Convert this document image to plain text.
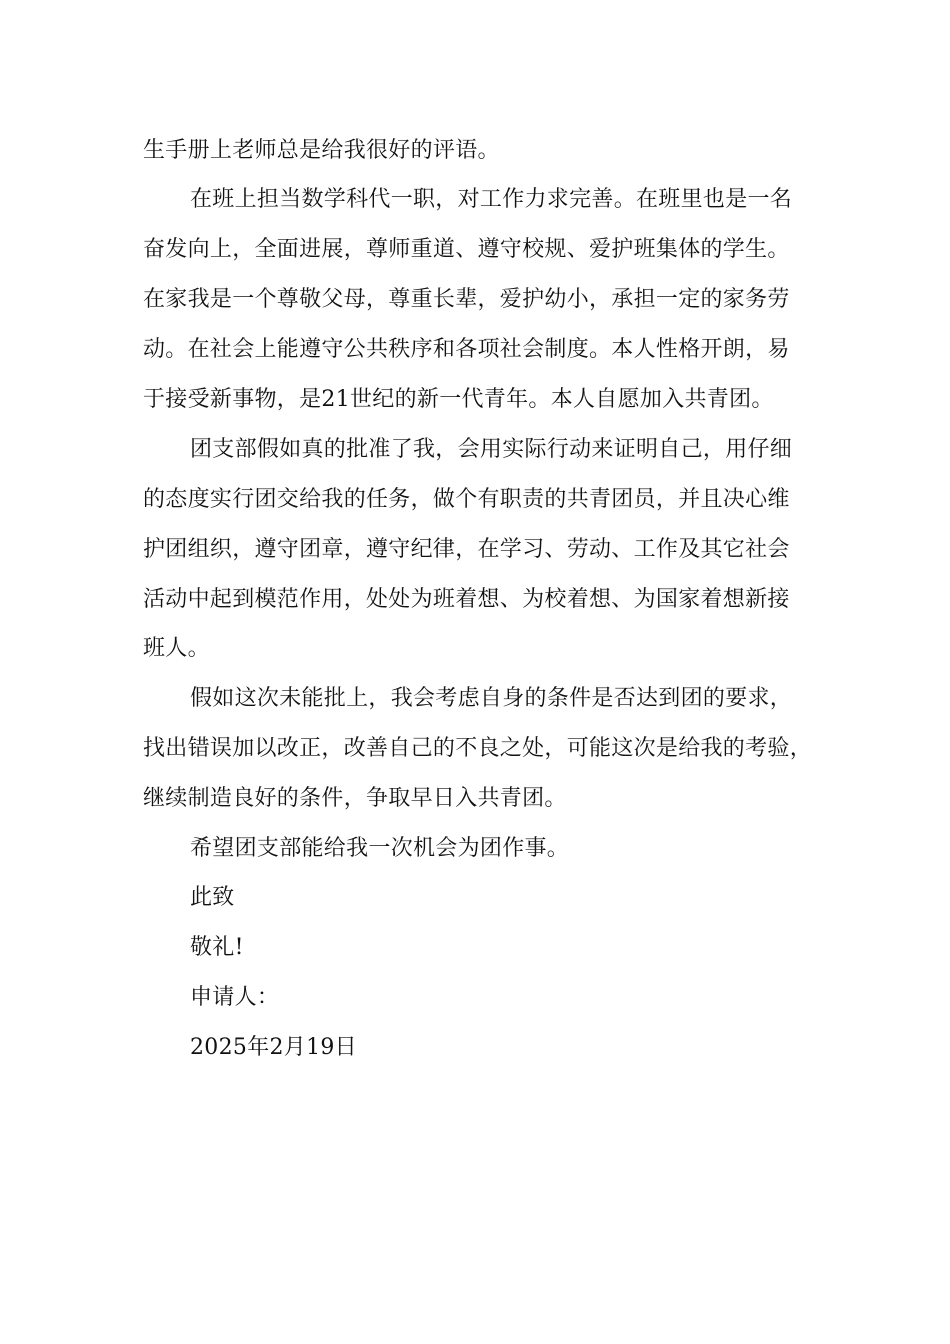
生手册上老师总是给我很好的评语。
在班上担当数学科代一职，对工作力求完善。在班里也是一名
奋发向上，全面进展，尊师重道、遵守校规、爱护班集体的学生。
在家我是一个尊敬父母，尊重长辈，爱护幼小，承担一定的家务劳
动。在社会上能遵守公共秩序和各项社会制度。本人性格开朗，易
于接受新事物，是21世纪的新一代青年。本人自愿加入共青团。
团支部假如真的批准了我，会用实际行动来证明自己，用仔细
的态度实行团交给我的任务，做个有职责的共青团员，并且决心维
护团组织，遵守团章，遵守纪律，在学习、劳动、工作及其它社会
活动中起到模范作用，处处为班着想、为校着想、为国家着想新接
班人。
假如这次未能批上，我会考虑自身的条件是否达到团的要求，
找出错误加以改正，改善自己的不良之处，可能这次是给我的考验，
继续制造良好的条件，争取早日入共青团。
希望团支部能给我一次机会为团作事。
此致
敬礼!
申请人：
2025年2月19日
